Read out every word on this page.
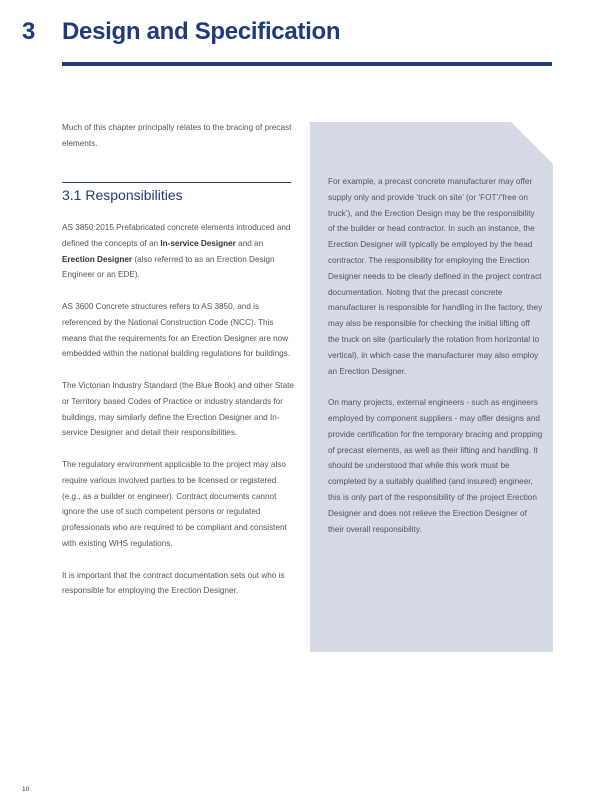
3 Design and Specification
Much of this chapter principally relates to the bracing of precast elements.
3.1 Responsibilities

AS 3850:2015 Prefabricated concrete elements introduced and defined the concepts of an In-service Designer and an Erection Designer (also referred to as an Erection Design Engineer or an EDE).

AS 3600 Concrete structures refers to AS 3850, and is referenced by the National Construction Code (NCC). This means that the requirements for an Erection Designer are now embedded within the national building regulations for buildings.

The Victorian Industry Standard (the Blue Book) and other State or Territory based Codes of Practice or industry standards for buildings, may similarly define the Erection Designer and In-service Designer and detail their responsibilities.

The regulatory environment applicable to the project may also require various involved parties to be licensed or registered (e.g., as a builder or engineer). Contract documents cannot ignore the use of such competent persons or regulated professionals who are required to be compliant and consistent with existing WHS regulations.

It is important that the contract documentation sets out who is responsible for employing the Erection Designer.

For example, a precast concrete manufacturer may offer supply only and provide ‘truck on site’ (or ‘FOT’/‘free on truck’), and the Erection Design may be the responsibility of the builder or head contractor. In such an instance, the Erection Designer will typically be employed by the head contractor. The responsibility for employing the Erection Designer needs to be clearly defined in the project contract documentation. Noting that the precast concrete manufacturer is responsible for handling in the factory, they may also be responsible for checking the initial lifting off the truck on site (particularly the rotation from horizontal to vertical), in which case the manufacturer may also employ an Erection Designer.

On many projects, external engineers - such as engineers employed by component suppliers - may offer designs and provide certification for the temporary bracing and propping of precast elements, as well as their lifting and handling. It should be understood that while this work must be completed by a suitably qualified (and insured) engineer, this is only part of the responsibility of the project Erection Designer and does not relieve the Erection Designer of their overall responsibility.

10
